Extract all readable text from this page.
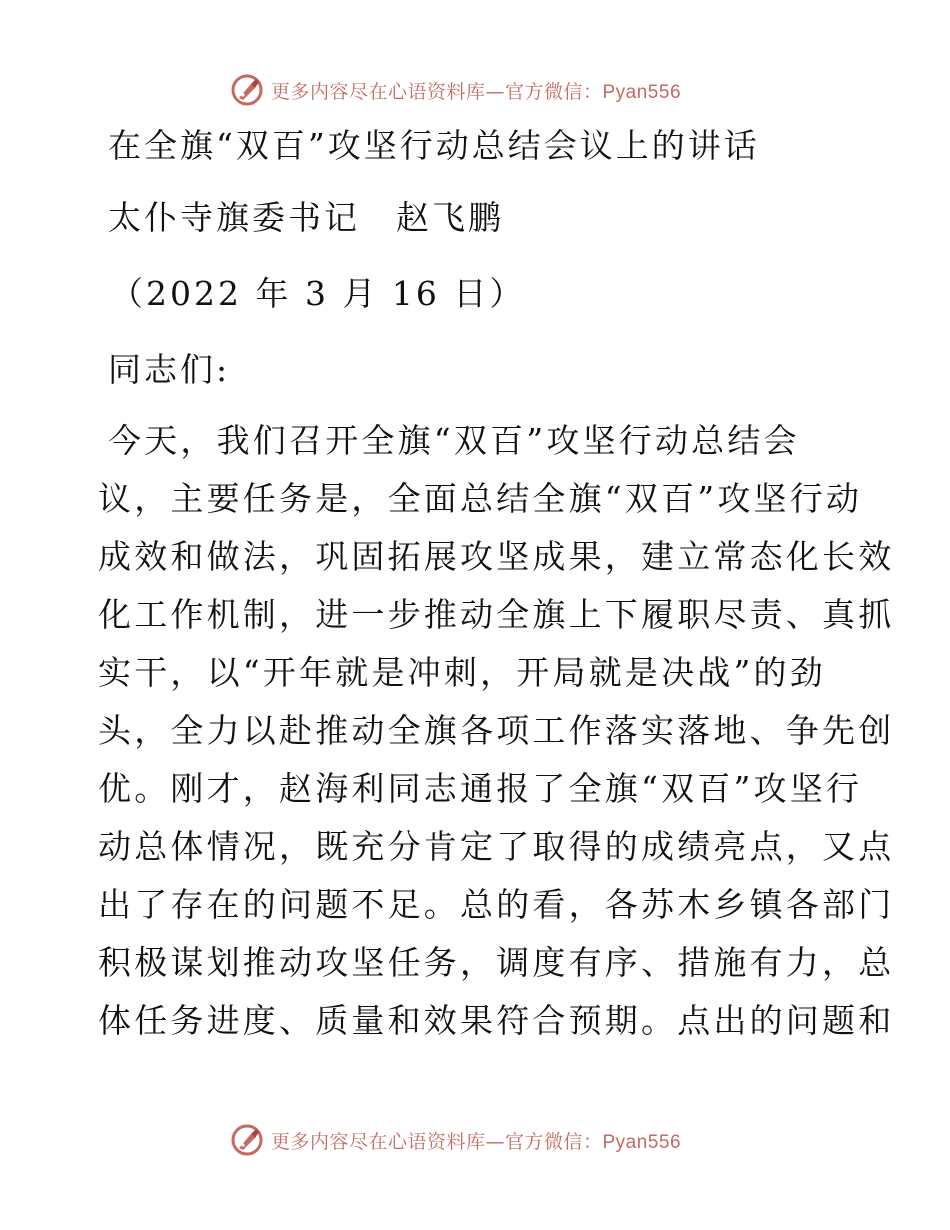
更多内容尽在心语资料库—官方微信：Pyan556
在全旗“双百”攻坚行动总结会议上的讲话
太仆寺旗委书记　赵飞鹏
（2022 年 3 月 16 日）
同志们:
今天，我们召开全旗“双百”攻坚行动总结会
议，主要任务是，全面总结全旗“双百”攻坚行动
成效和做法，巩固拓展攻坚成果，建立常态化长效
化工作机制，进一步推动全旗上下履职尽责、真抓
实干，以“开年就是冲刺，开局就是决战”的劲
头，全力以赴推动全旗各项工作落实落地、争先创
优。刚才，赵海利同志通报了全旗“双百”攻坚行
动总体情况，既充分肯定了取得的成绩亮点，又点
出了存在的问题不足。总的看，各苏木乡镇各部门
积极谋划推动攻坚任务，调度有序、措施有力，总
体任务进度、质量和效果符合预期。点出的问题和
更多内容尽在心语资料库—官方微信：Pyan556
